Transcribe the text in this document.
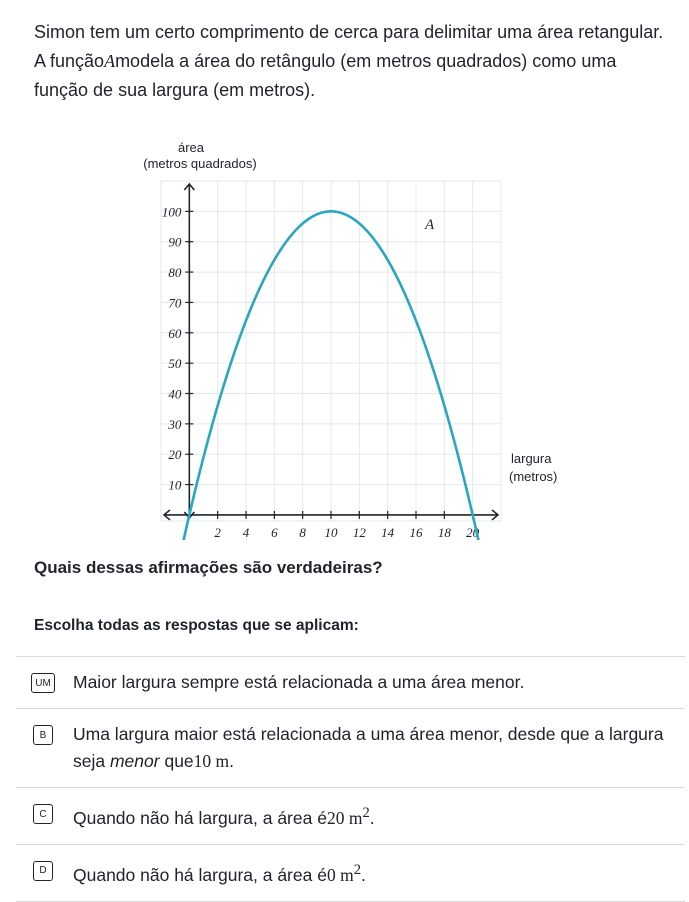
Simon tem um certo comprimento de cerca para delimitar uma área retangular. A funçãoAmodela a área do retângulo (em metros quadrados) como uma função de sua largura (em metros).
área
(metros quadrados)
largura
(metros)
2 4 6 8 10 12 14 16 18 20
10
20
30
40
50
60
70
80
90
100
A
Quais dessas afirmações são verdadeiras?
Escolha todas as respostas que se aplicam:
UM Maior largura sempre está relacionada a uma área menor.
B	Uma largura maior está relacionada a uma área menor, desde que a largura seja menor que10 m.
C	Quando não há largura, a área é20 $m^2$.
D	Quando não há largura, a área é0 $m^2$.
